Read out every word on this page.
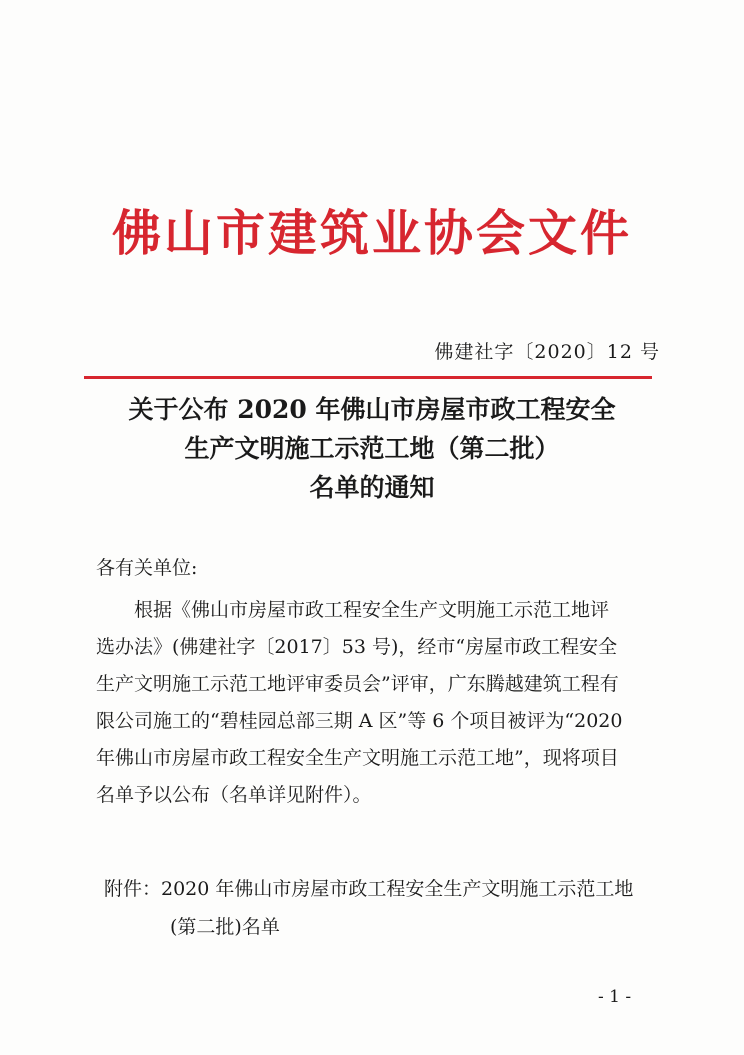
佛山市建筑业协会文件
佛建社字〔2020〕12 号
关于公布 2020 年佛山市房屋市政工程安全
生产文明施工示范工地（第二批）
名单的通知
各有关单位:
根据《佛山市房屋市政工程安全生产文明施工示范工地评
选办法》(佛建社字〔2017〕53 号)，经市“房屋市政工程安全
生产文明施工示范工地评审委员会”评审，广东腾越建筑工程有
限公司施工的“碧桂园总部三期 A 区”等 6 个项目被评为“2020
年佛山市房屋市政工程安全生产文明施工示范工地”，现将项目
名单予以公布（名单详见附件）。
附件：2020 年佛山市房屋市政工程安全生产文明施工示范工地
(第二批)名单
- 1 -
